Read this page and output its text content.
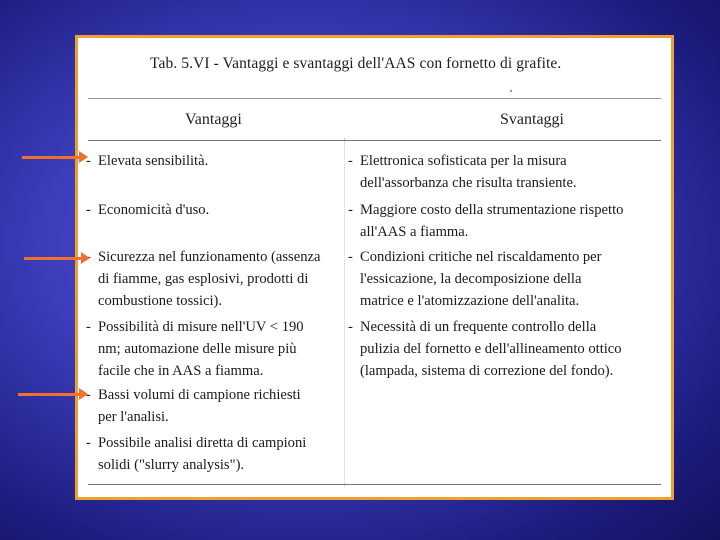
Tab. 5.VI - Vantaggi e svantaggi dell'AAS con fornetto di grafite.
Vantaggi	Svantaggi
- Elevata sensibilità.
- Economicità d'uso.
Sicurezza nel funzionamento (assenza
di fiamme, gas esplosivi, prodotti di
combustione tossici).
- Possibilità di misure nell'UV < 190
nm; automazione delle misure più
facile che in AAS a fiamma.
- Bassi volumi di campione richiesti
per l'analisi.
- Possibile analisi diretta di campioni
solidi ("slurry analysis").
- Elettronica sofisticata per la misura
dell'assorbanza che risulta transiente.
- Maggiore costo della strumentazione rispetto
all'AAS a fiamma.
- Condizioni critiche nel riscaldamento per
l'essicazione, la decomposizione della
matrice e l'atomizzazione dell'analita.
- Necessità di un frequente controllo della
pulizia del fornetto e dell'allineamento ottico
(lampada, sistema di correzione del fondo).
